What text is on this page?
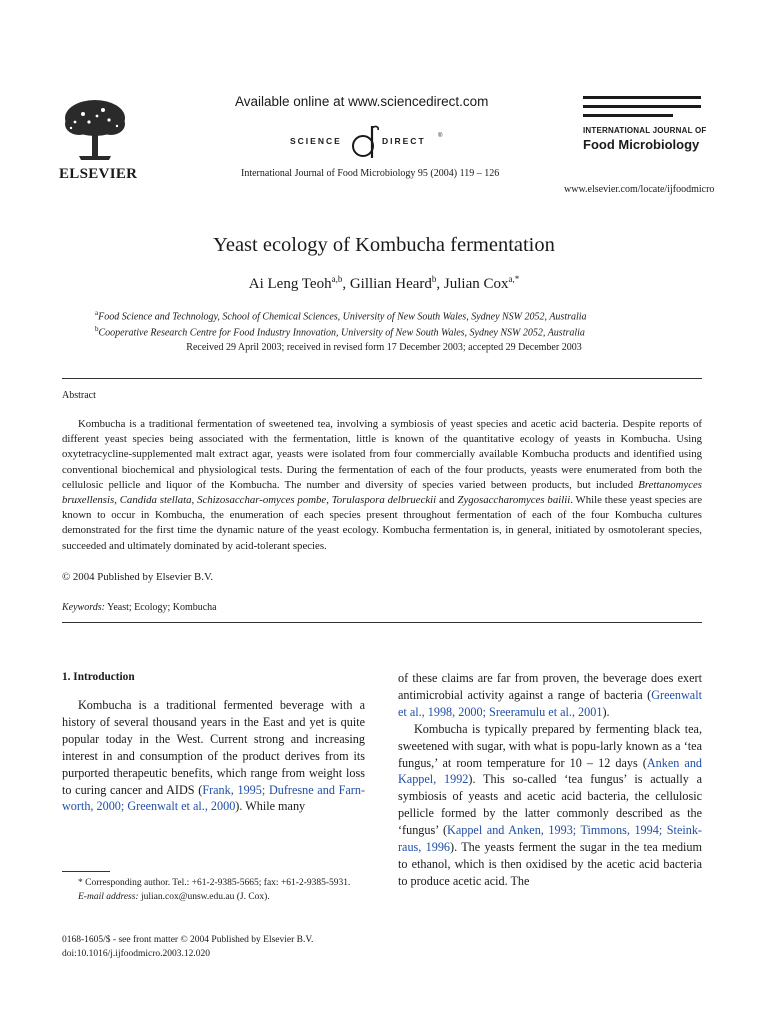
ELSEVIER
Available online at www.sciencedirect.com
SCIENCE	DIRECT ®
International Journal of Food Microbiology 95 (2004) 119 – 126
INTERNATIONAL JOURNAL OF
Food Microbiology
www.elsevier.com/locate/ijfoodmicro
Yeast ecology of Kombucha fermentation
Ai Leng Teoh$^{a,b}$, Gillian Heard$^b$, Julian Cox$^{a,*}$
$^a$Food Science and Technology, School of Chemical Sciences, University of New South Wales, Sydney NSW 2052, Australia
$^b$Cooperative Research Centre for Food Industry Innovation, University of New South Wales, Sydney NSW 2052, Australia
Received 29 April 2003; received in revised form 17 December 2003; accepted 29 December 2003
Abstract
Kombucha is a traditional fermentation of sweetened tea, involving a symbiosis of yeast species and acetic acid bacteria. Despite reports of different yeast species being associated with the fermentation, little is known of the quantitative ecology of yeasts in Kombucha. Using oxytetracycline-supplemented malt extract agar, yeasts were isolated from four commercially available Kombucha products and identified using conventional biochemical and physiological tests. During the fermentation of each of the four products, yeasts were enumerated from both the cellulosic pellicle and liquor of the Kombucha. The number and diversity of species varied between products, but included Brettanomyces bruxellensis, Candida stellata, Schizosacchar-omyces pombe, Torulaspora delbrueckii and Zygosaccharomyces bailii. While these yeast species are known to occur in Kombucha, the enumeration of each species present throughout fermentation of each of the four Kombucha cultures demonstrated for the first time the dynamic nature of the yeast ecology. Kombucha fermentation is, in general, initiated by osmotolerant species, succeeded and ultimately dominated by acid-tolerant species.
© 2004 Published by Elsevier B.V.
Keywords: Yeast; Ecology; Kombucha
1. Introduction

Kombucha is a traditional fermented beverage with a history of several thousand years in the East and yet is quite popular today in the West. Current strong and increasing interest in and consumption of the product derives from its purported therapeutic benefits, which range from weight loss to curing cancer and AIDS (Frank, 1995; Dufresne and Farn-worth, 2000; Greenwalt et al., 2000). While many

of these claims are far from proven, the beverage does exert antimicrobial activity against a range of bacteria (Greenwalt et al., 1998, 2000; Sreeramulu et al., 2001).

Kombucha is typically prepared by fermenting black tea, sweetened with sugar, with what is popu-larly known as a ‘tea fungus,’ at room temperature for 10 – 12 days (Anken and Kappel, 1992). This so-called ‘tea fungus’ is actually a symbiosis of yeasts and acetic acid bacteria, the cellulosic pellicle formed by the latter commonly described as the ‘fungus’ (Kappel and Anken, 1993; Timmons, 1994; Steink-raus, 1996). The yeasts ferment the sugar in the tea medium to ethanol, which is then oxidised by the acetic acid bacteria to produce acetic acid. The

* Corresponding author. Tel.: +61-2-9385-5665; fax: +61-2-9385-5931.

E-mail address: julian.cox@unsw.edu.au (J. Cox).

0168-1605/$ - see front matter © 2004 Published by Elsevier B.V.
doi:10.1016/j.ijfoodmicro.2003.12.020
